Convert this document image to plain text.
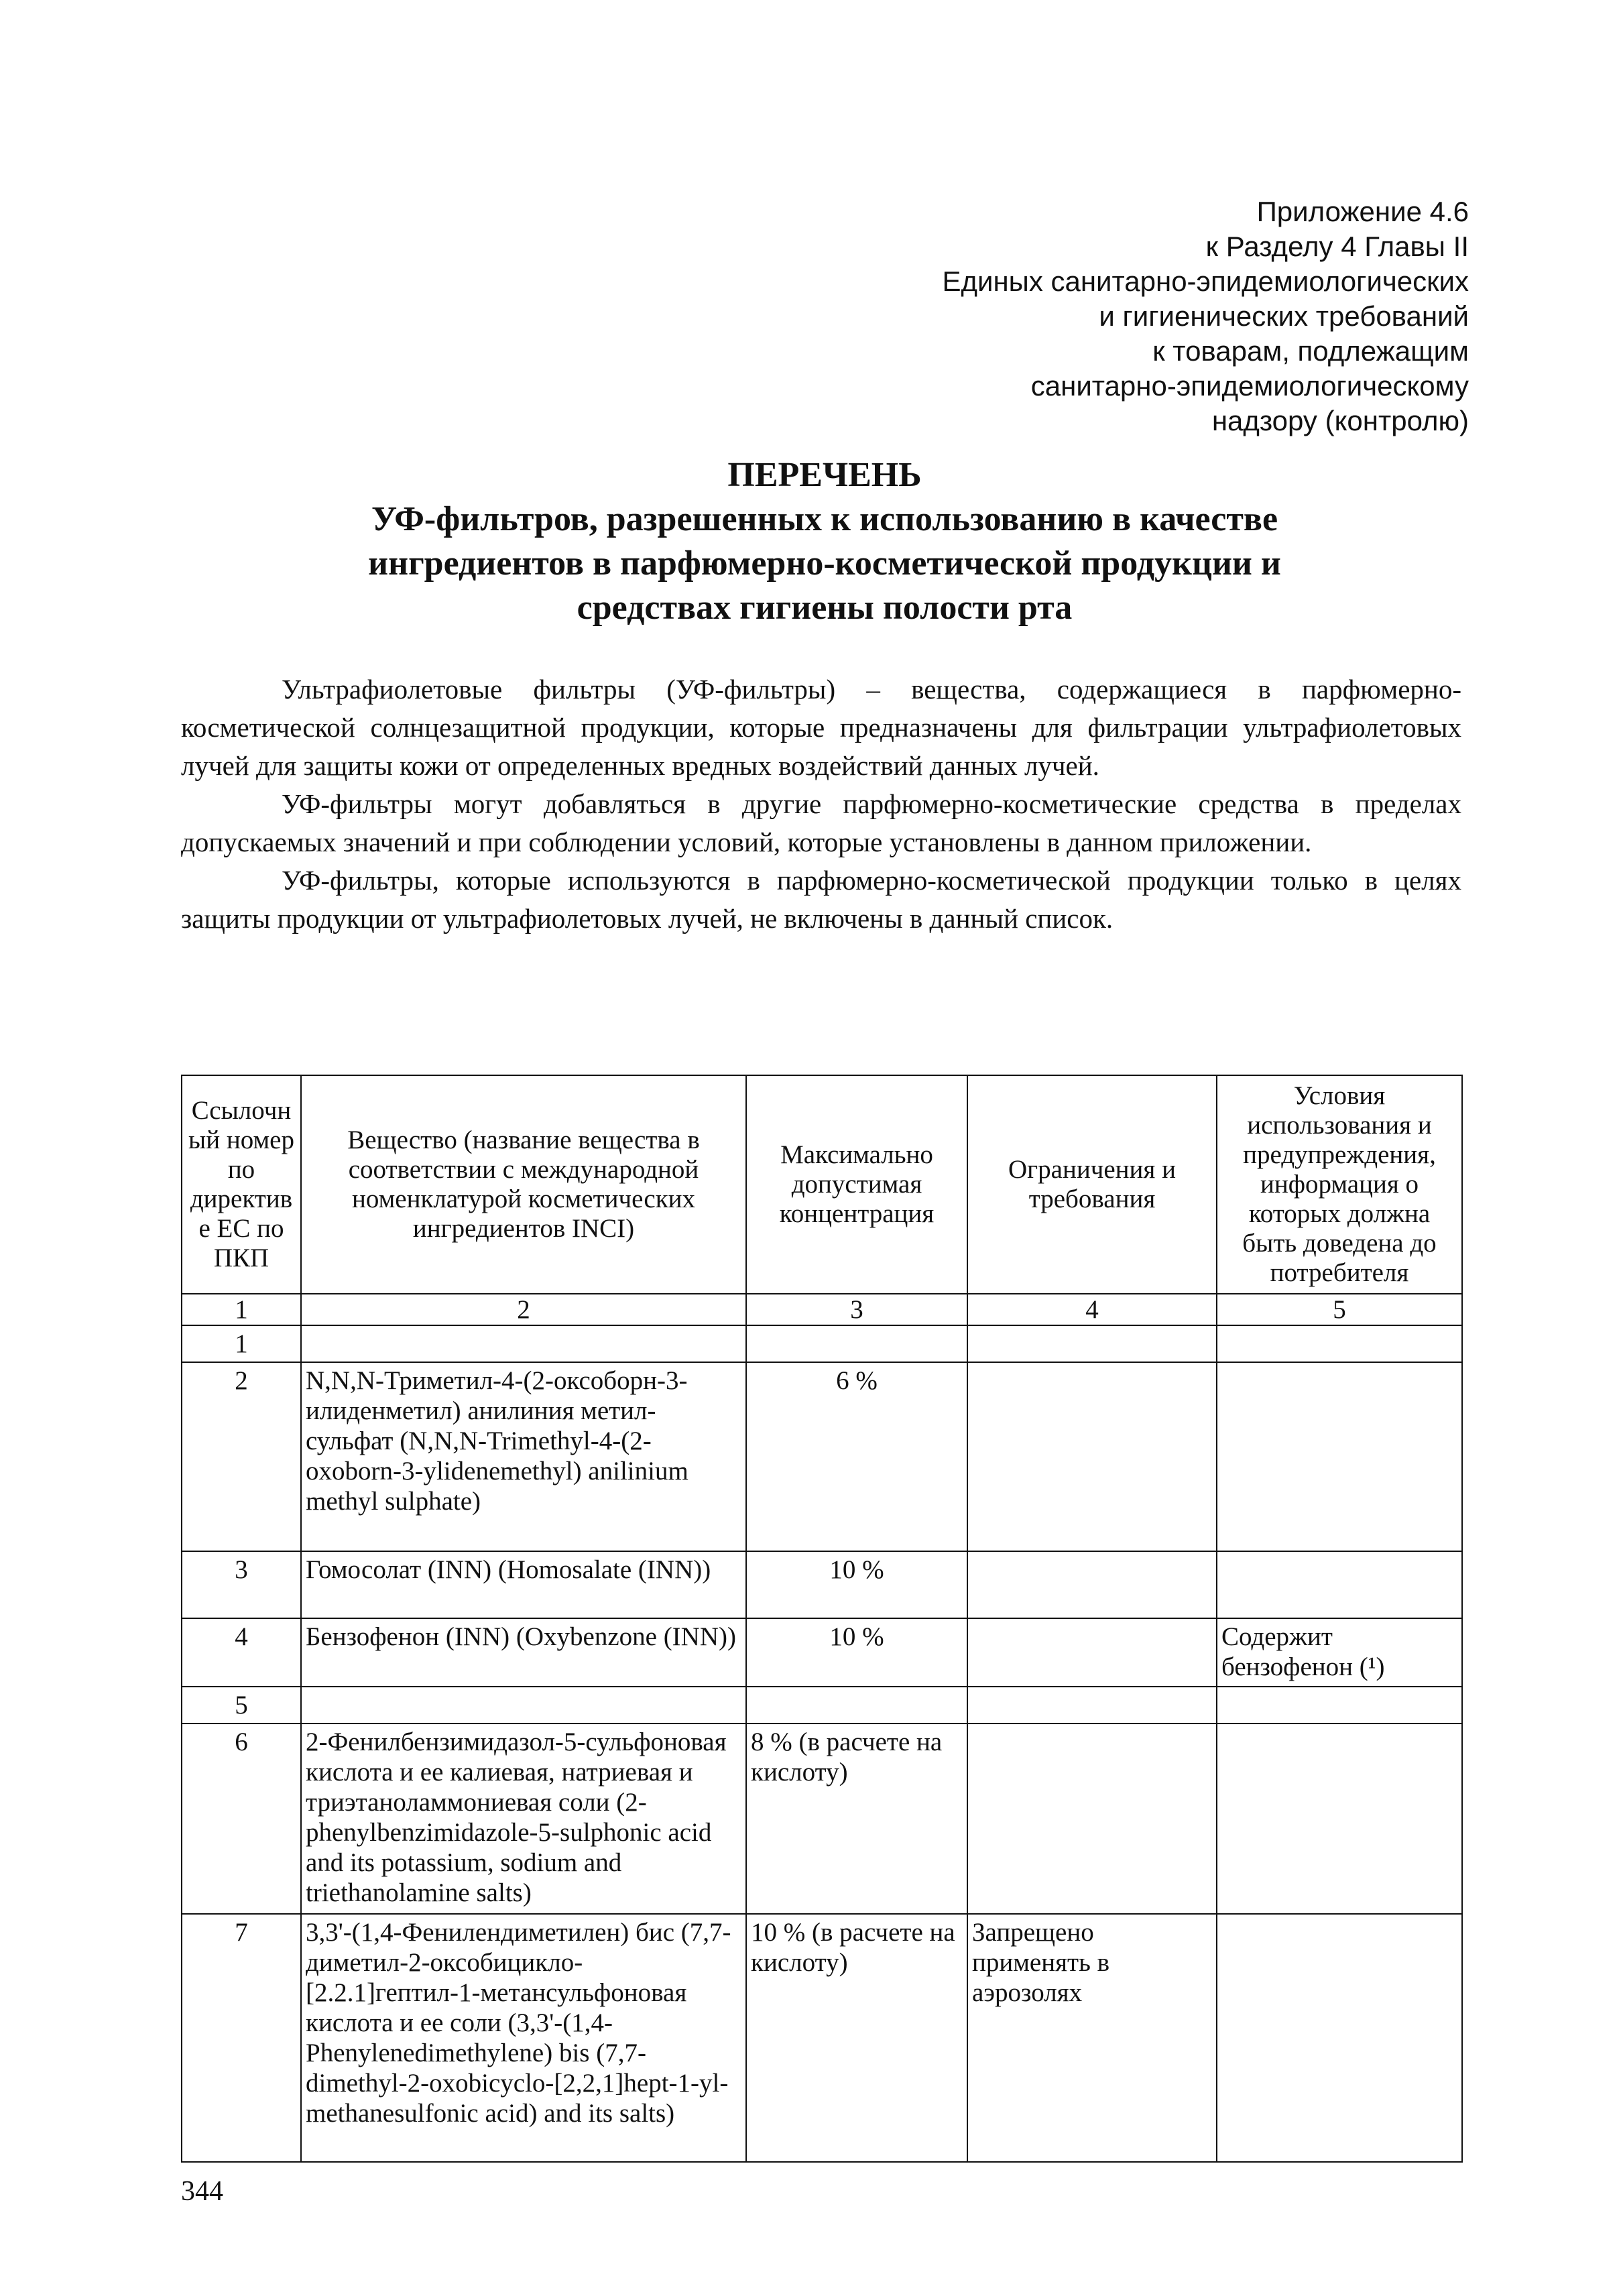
Приложение 4.6
к Разделу 4 Главы II
Единых санитарно-эпидемиологических
и гигиенических требований
к товарам, подлежащим
санитарно-эпидемиологическому
надзору (контролю)
ПЕРЕЧЕНЬ
УФ-фильтров, разрешенных к использованию в качестве
ингредиентов в парфюмерно-косметической продукции и
средствах гигиены полости рта

Ультрафиолетовые фильтры (УФ-фильтры) – вещества, содержащиеся в парфюмерно-косметической солнцезащитной продукции, которые предназначены для фильтрации ультрафиолетовых лучей для защиты кожи от определенных вредных воздействий данных лучей.

УФ-фильтры могут добавляться в другие парфюмерно-косметические средства в пределах допускаемых значений и при соблюдении условий, которые установлены в данном приложении.

УФ-фильтры, которые используются в парфюмерно-косметической продукции только в целях защиты продукции от ультрафиолетовых лучей, не включены в данный список.

Ссылочный номер по директиве ЕС по ПКП	Вещество (название вещества в соответствии с международной номенклатурой косметических ингредиентов INCI)	Максимально допустимая концентрация	Ограничения и требования	Условия использования и предупреждения, информация о которых должна быть доведена до потребителя
1	2	3	4	5
1				
2	N,N,N-Триметил-4-(2-оксоборн-3-илиденметил) анилиния метил-сульфат (N,N,N-Trimethyl-4-(2-oxoborn-3-ylidenemethyl) anilinium methyl sulphate)	6 %		
3	Гомосолат (INN) (Homosalate (INN))	10 %		
4	Бензофенон (INN) (Oxybenzone (INN))	10 %		Содержит бензофенон (¹)
5				
6	2-Фенилбензимидазол-5-сульфоновая кислота и ее калиевая, натриевая и триэтаноламмониевая соли (2-phenylbenzimidazole-5-sulphonic acid and its potassium, sodium and triethanolamine salts)	8 % (в расчете на кислоту)		
7	3,3'-(1,4-Фенилендиметилен) бис (7,7-диметил-2-оксобицикло-[2.2.1]гептил-1-метансульфоновая кислота и ее соли (3,3'-(1,4-Phenylenedimethylene) bis (7,7-dimethyl-2-oxobicyclo-[2,2,1]hept-1-yl-methanesulfonic acid) and its salts)	10 % (в расчете на кислоту)	Запрещено применять в аэрозолях	
344
